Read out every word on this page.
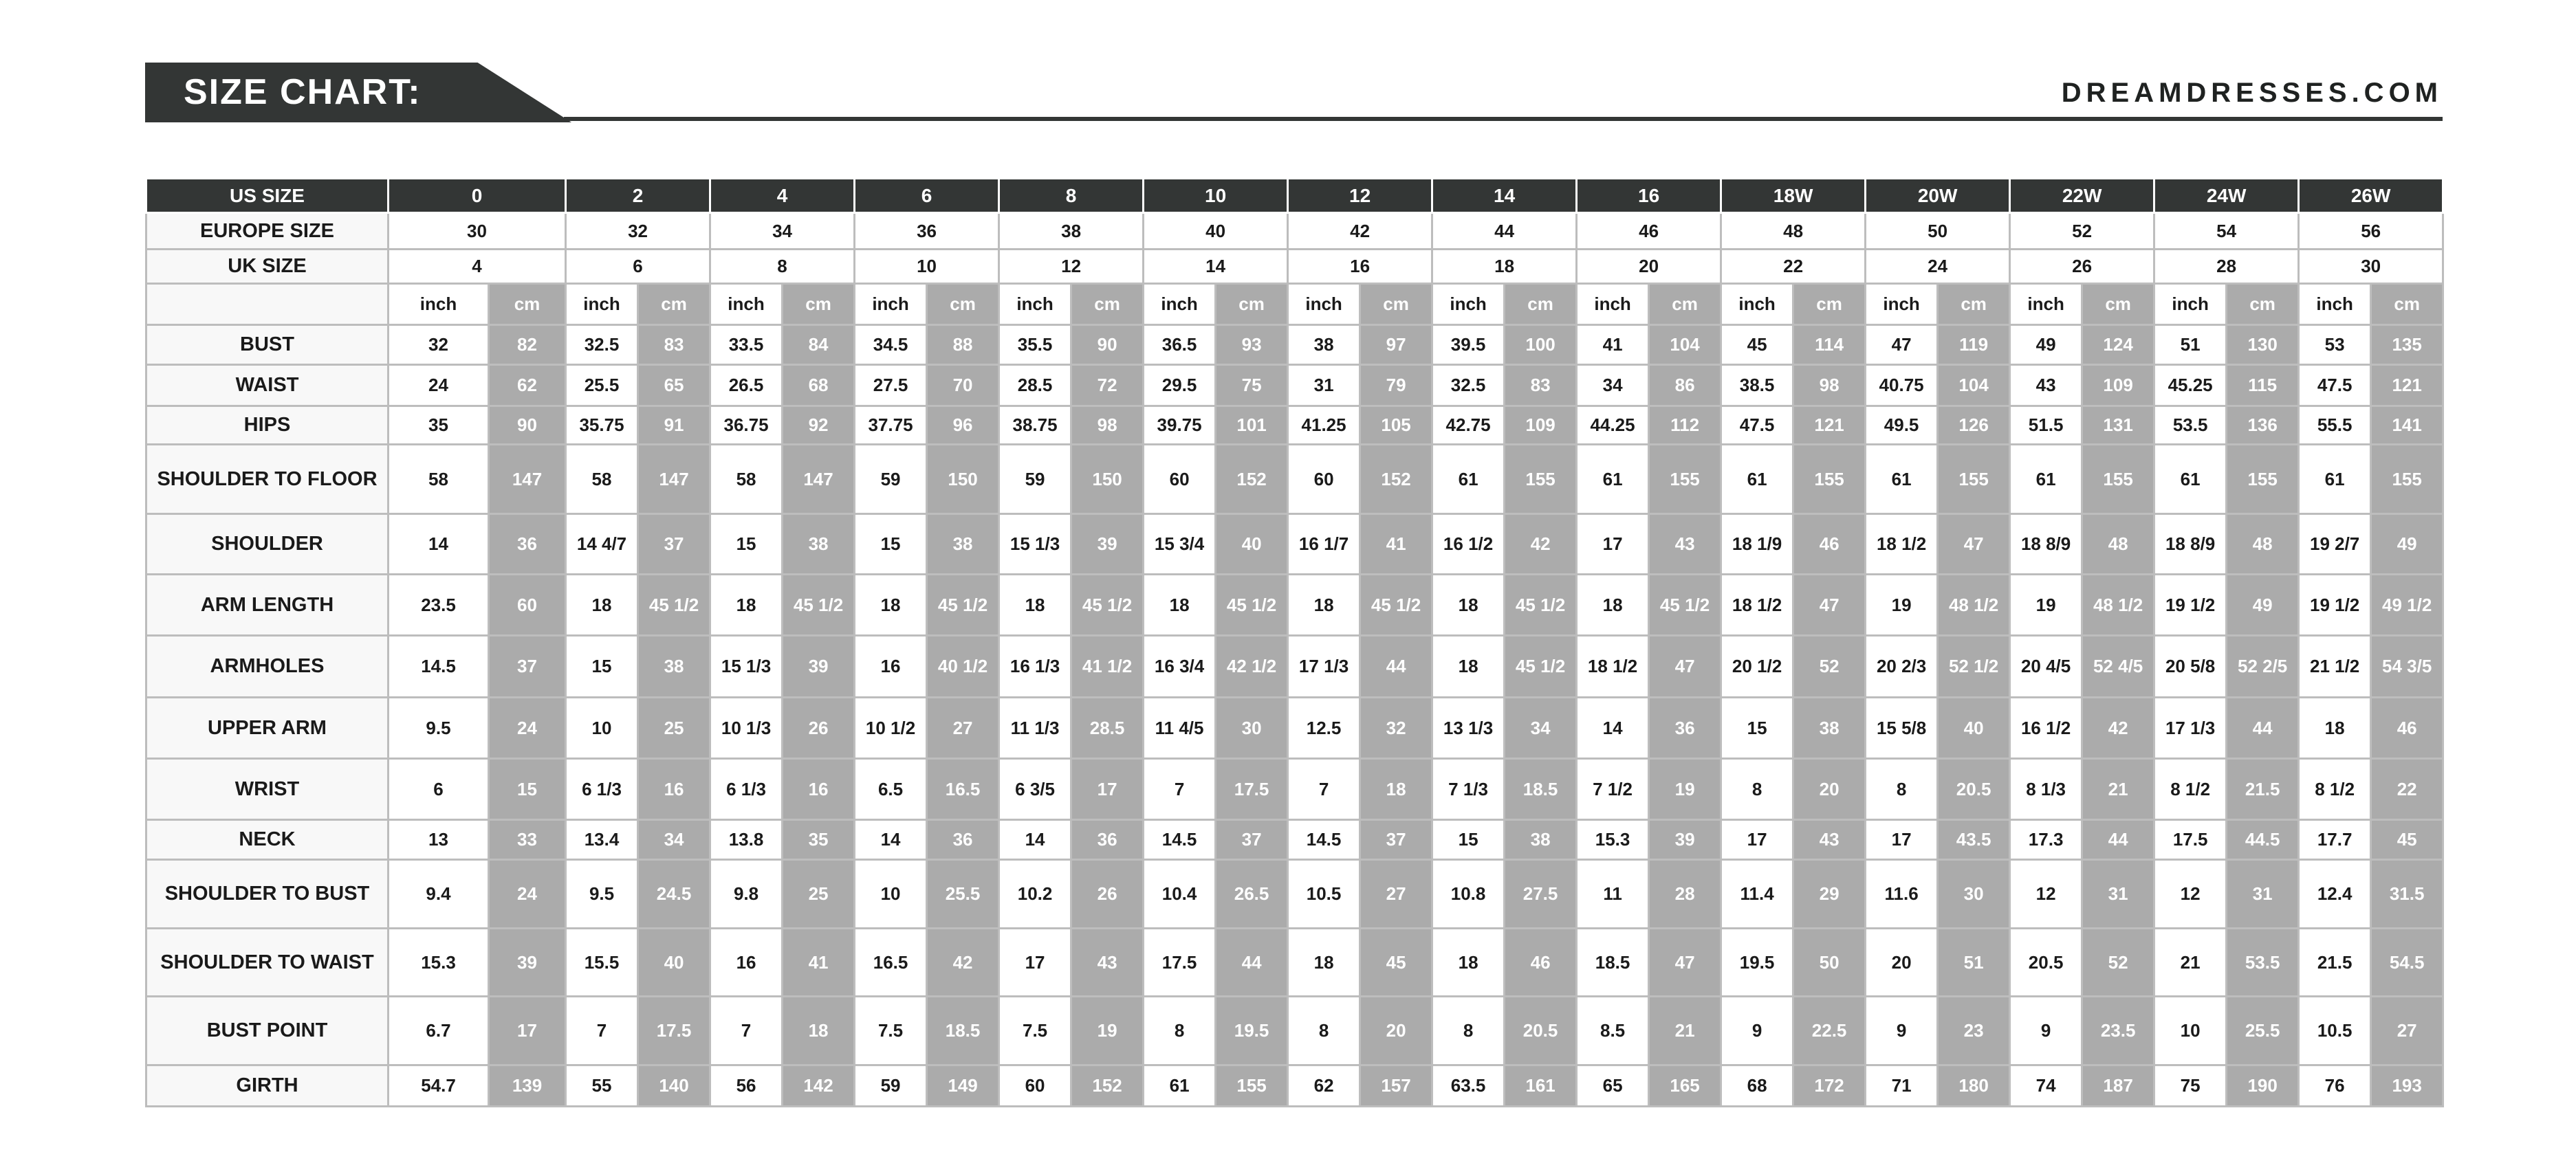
SIZE CHART:	DREAMDRESSES.COM
US SIZE	0		2		4		6		8		10		12		14		16		18W		20W		22W		24W		26W	
EUROPE SIZE	30		32		34		36		38		40		42		44		46		48		50		52		54		56	
UK SIZE	4		6		8		10		12		14		16		18		20		22		24		26		28		30	
	inch	cm	inch	cm	inch	cm	inch	cm	inch	cm	inch	cm	inch	cm	inch	cm	inch	cm	inch	cm	inch	cm	inch	cm	inch	cm	inch	cm
BUST	32	82	32.5	83	33.5	84	34.5	88	35.5	90	36.5	93	38	97	39.5	100	41	104	45	114	47	119	49	124	51	130	53	135
WAIST	24	62	25.5	65	26.5	68	27.5	70	28.5	72	29.5	75	31	79	32.5	83	34	86	38.5	98	40.75	104	43	109	45.25	115	47.5	121
HIPS	35	90	35.75	91	36.75	92	37.75	96	38.75	98	39.75	101	41.25	105	42.75	109	44.25	112	47.5	121	49.5	126	51.5	131	53.5	136	55.5	141
SHOULDER TO FLOOR	58	147	58	147	58	147	59	150	59	150	60	152	60	152	61	155	61	155	61	155	61	155	61	155	61	155	61	155
SHOULDER	14	36	14 4/7	37	15	38	15	38	15 1/3	39	15 3/4	40	16 1/7	41	16 1/2	42	17	43	18 1/9	46	18 1/2	47	18 8/9	48	18 8/9	48	19 2/7	49
ARM LENGTH	23.5	60	18	45 1/2	18	45 1/2	18	45 1/2	18	45 1/2	18	45 1/2	18	45 1/2	18	45 1/2	18	45 1/2	18 1/2	47	19	48 1/2	19	48 1/2	19 1/2	49	19 1/2	49 1/2
ARMHOLES	14.5	37	15	38	15 1/3	39	16	40 1/2	16 1/3	41 1/2	16 3/4	42 1/2	17 1/3	44	18	45 1/2	18 1/2	47	20 1/2	52	20 2/3	52 1/2	20 4/5	52 4/5	20 5/8	52 2/5	21 1/2	54 3/5
UPPER ARM	9.5	24	10	25	10 1/3	26	10 1/2	27	11 1/3	28.5	11 4/5	30	12.5	32	13 1/3	34	14	36	15	38	15 5/8	40	16 1/2	42	17 1/3	44	18	46
WRIST	6	15	6 1/3	16	6 1/3	16	6.5	16.5	6 3/5	17	7	17.5	7	18	7 1/3	18.5	7 1/2	19	8	20	8	20.5	8 1/3	21	8 1/2	21.5	8 1/2	22
NECK	13	33	13.4	34	13.8	35	14	36	14	36	14.5	37	14.5	37	15	38	15.3	39	17	43	17	43.5	17.3	44	17.5	44.5	17.7	45
SHOULDER TO BUST	9.4	24	9.5	24.5	9.8	25	10	25.5	10.2	26	10.4	26.5	10.5	27	10.8	27.5	11	28	11.4	29	11.6	30	12	31	12	31	12.4	31.5
SHOULDER TO WAIST	15.3	39	15.5	40	16	41	16.5	42	17	43	17.5	44	18	45	18	46	18.5	47	19.5	50	20	51	20.5	52	21	53.5	21.5	54.5
BUST POINT	6.7	17	7	17.5	7	18	7.5	18.5	7.5	19	8	19.5	8	20	8	20.5	8.5	21	9	22.5	9	23	9	23.5	10	25.5	10.5	27
GIRTH	54.7	139	55	140	56	142	59	149	60	152	61	155	62	157	63.5	161	65	165	68	172	71	180	74	187	75	190	76	193
